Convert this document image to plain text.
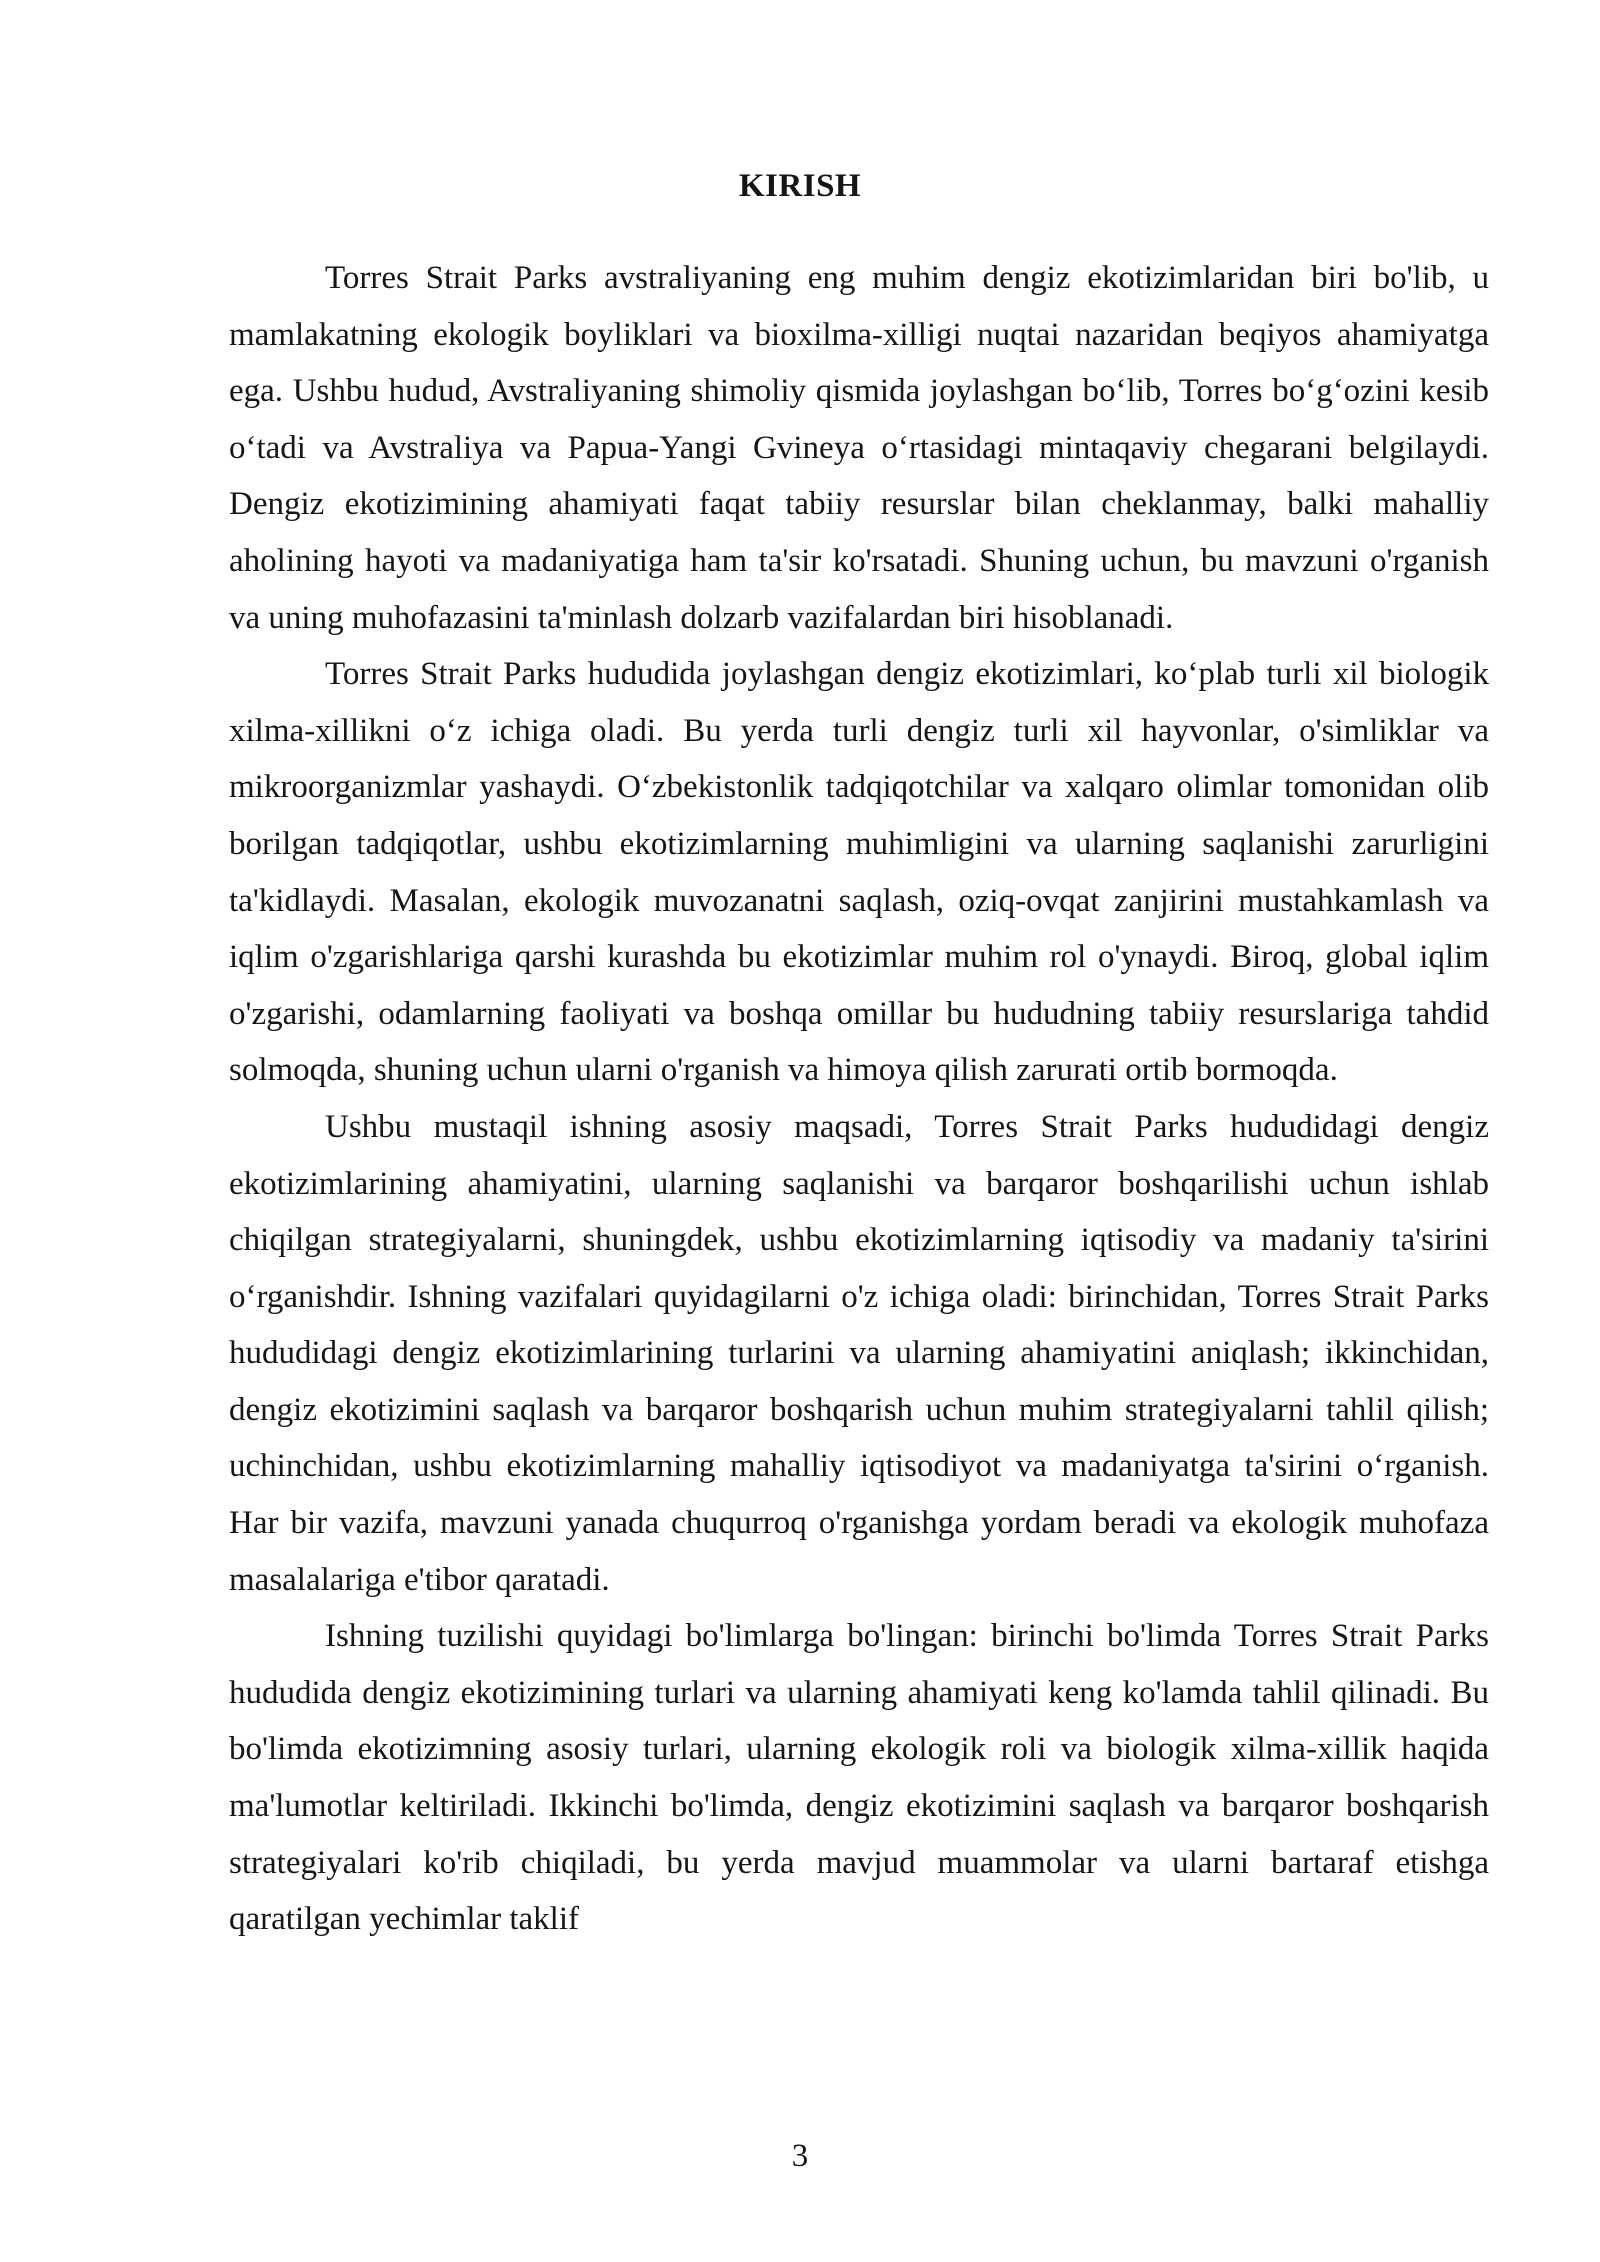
KIRISH

Torres Strait Parks avstraliyaning eng muhim dengiz ekotizimlaridan biri bo'lib, u mamlakatning ekologik boyliklari va bioxilma-xilligi nuqtai nazaridan beqiyos ahamiyatga ega. Ushbu hudud, Avstraliyaning shimoliy qismida joylashgan bo‘lib, Torres bo‘g‘ozini kesib o‘tadi va Avstraliya va Papua-Yangi Gvineya o‘rtasidagi mintaqaviy chegarani belgilaydi. Dengiz ekotizimining ahamiyati faqat tabiiy resurslar bilan cheklanmay, balki mahalliy aholining hayoti va madaniyatiga ham ta'sir ko'rsatadi. Shuning uchun, bu mavzuni o'rganish va uning muhofazasini ta'minlash dolzarb vazifalardan biri hisoblanadi.

Torres Strait Parks hududida joylashgan dengiz ekotizimlari, ko‘plab turli xil biologik xilma-xillikni o‘z ichiga oladi. Bu yerda turli dengiz turli xil hayvonlar, o'simliklar va mikroorganizmlar yashaydi. O‘zbekistonlik tadqiqotchilar va xalqaro olimlar tomonidan olib borilgan tadqiqotlar, ushbu ekotizimlarning muhimligini va ularning saqlanishi zarurligini ta'kidlaydi. Masalan, ekologik muvozanatni saqlash, oziq-ovqat zanjirini mustahkamlash va iqlim o'zgarishlariga qarshi kurashda bu ekotizimlar muhim rol o'ynaydi. Biroq, global iqlim o'zgarishi, odamlarning faoliyati va boshqa omillar bu hududning tabiiy resurslariga tahdid solmoqda, shuning uchun ularni o'rganish va himoya qilish zarurati ortib bormoqda.

Ushbu mustaqil ishning asosiy maqsadi, Torres Strait Parks hududidagi dengiz ekotizimlarining ahamiyatini, ularning saqlanishi va barqaror boshqarilishi uchun ishlab chiqilgan strategiyalarni, shuningdek, ushbu ekotizimlarning iqtisodiy va madaniy ta'sirini o‘rganishdir. Ishning vazifalari quyidagilarni o'z ichiga oladi: birinchidan, Torres Strait Parks hududidagi dengiz ekotizimlarining turlarini va ularning ahamiyatini aniqlash; ikkinchidan, dengiz ekotizimini saqlash va barqaror boshqarish uchun muhim strategiyalarni tahlil qilish; uchinchidan, ushbu ekotizimlarning mahalliy iqtisodiyot va madaniyatga ta'sirini o‘rganish. Har bir vazifa, mavzuni yanada chuqurroq o'rganishga yordam beradi va ekologik muhofaza masalalariga e'tibor qaratadi.

Ishning tuzilishi quyidagi bo'limlarga bo'lingan: birinchi bo'limda Torres Strait Parks hududida dengiz ekotizimining turlari va ularning ahamiyati keng ko'lamda tahlil qilinadi. Bu bo'limda ekotizimning asosiy turlari, ularning ekologik roli va biologik xilma-xillik haqida ma'lumotlar keltiriladi. Ikkinchi bo'limda, dengiz ekotizimini saqlash va barqaror boshqarish strategiyalari ko'rib chiqiladi, bu yerda mavjud muammolar va ularni bartaraf etishga qaratilgan yechimlar taklif

3
